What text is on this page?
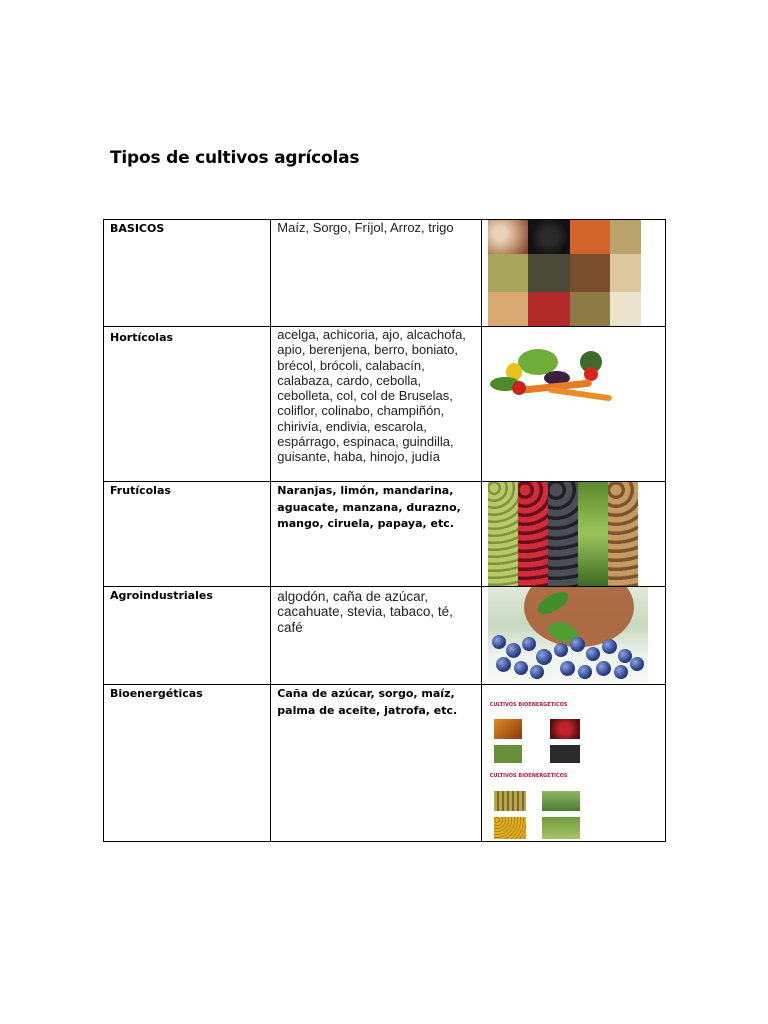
Tipos de cultivos agrícolas
BASICOS	Maíz, Sorgo, Fríjol, Arroz, trigo	

Hortícolas	acelga, achicoria, ajo, alcachofa, apio, berenjena, berro, boniato, brécol, brócoli, calabacín, calabaza, cardo, cebolla, cebolleta, col, col de Bruselas, coliflor, colinabo, champiñón, chirivía, endivia, escarola, espárrago, espinaca, guindilla, guisante, haba, hinojo, judía	

Frutícolas	Naranjas, limón, mandarina, aguacate, manzana, durazno, mango, ciruela, papaya, etc.	

Agroindustriales	algodón, caña de azúcar, cacahuate, stevia, tabaco, té, café	

Bioenergéticas	Caña de azúcar, sorgo, maíz, palma de aceite, jatrofa, etc.	CULTIVOS BIOENERGÉTICOS
CULTIVOS BIOENERGÉTICOS
